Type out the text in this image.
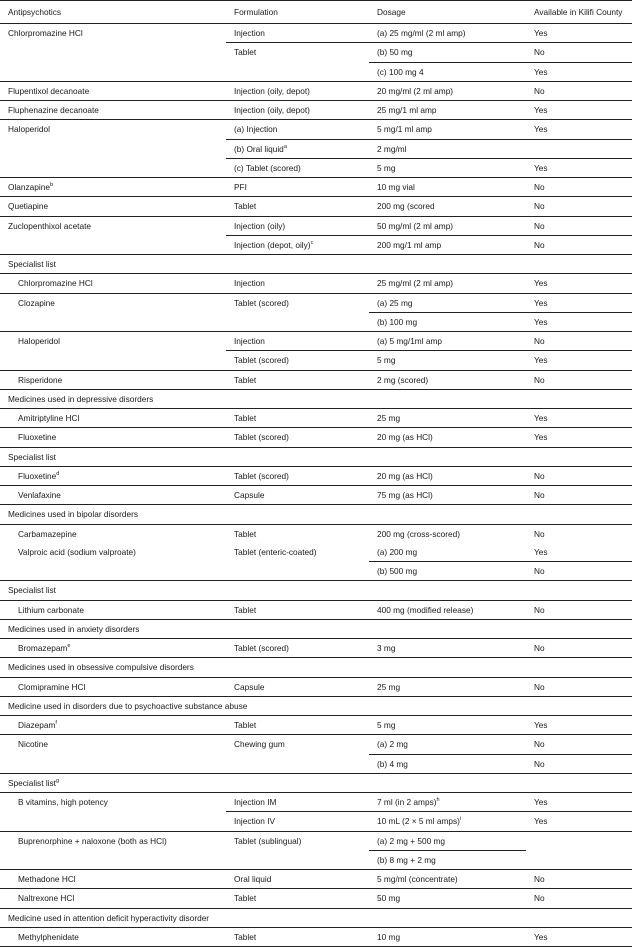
Antipsychotics	Formulation	Dosage	Available in Kilifi County
Chlorpromazine HCl	Injection	(a) 25 mg/ml (2 ml amp)	Yes
	Tablet	(b) 50 mg	No
		(c) 100 mg 4	Yes
Flupentixol decanoate	Injection (oily, depot)	20 mg/ml (2 ml amp)	No
Fluphenazine decanoate	Injection (oily, depot)	25 mg/1 ml amp	Yes
Haloperidol	(a) Injection	5 mg/1 ml amp	Yes
	(b) Oral liquid$^a$	2 mg/ml	
	(c) Tablet (scored)	5 mg	Yes
Olanzapine$^b$	PFI	10 mg vial	No
Quetiapine	Tablet	200 mg (scored	No
Zuclopenthixol acetate	Injection (oily)	50 mg/ml (2 ml amp)	No
	Injection (depot, oily)$^c$	200 mg/1 ml amp	No
Specialist list			
Chlorpromazine HCl	Injection	25 mg/ml (2 ml amp)	Yes
Clozapine	Tablet (scored)	(a) 25 mg	Yes
		(b) 100 mg	Yes
Haloperidol	Injection	(a) 5 mg/1ml amp	No
	Tablet (scored)	5 mg	Yes
Risperidone	Tablet	2 mg (scored)	No
Medicines used in depressive disorders			
Amitriptyline HCl	Tablet	25 mg	Yes
Fluoxetine	Tablet (scored)	20 mg (as HCl)	Yes
Specialist list			
Fluoxetine$^d$	Tablet (scored)	20 mg (as HCl)	No
Venlafaxine	Capsule	75 mg (as HCl)	No
Medicines used in bipolar disorders			
Carbamazepine	Tablet	200 mg (cross-scored)	No
Valproic acid (sodium valproate)	Tablet (enteric-coated)	(a) 200 mg	Yes
		(b) 500 mg	No
Specialist list			
Lithium carbonate	Tablet	400 mg (modified release)	No
Medicines used in anxiety disorders			
Bromazepam$^e$	Tablet (scored)	3 mg	No
Medicines used in obsessive compulsive disorders			
Clomipramine HCl	Capsule	25 mg	No
Medicine used in disorders due to psychoactive substance abuse			
Diazepam$^f$	Tablet	5 mg	Yes
Nicotine	Chewing gum	(a) 2 mg	No
		(b) 4 mg	No
Specialist list$^g$
B vitamins, high potency	Injection IM	7 ml (in 2 amps)$^h$	Yes
	Injection IV	10 mL (2 × 5 ml amps)$^i$	Yes
Buprenorphine + naloxone (both as HCl)	Tablet (sublingual)	(a) 2 mg + 500 mg	
		(b) 8 mg + 2 mg	
Methadone HCl	Oral liquid	5 mg/ml (concentrate)	No
Naltrexone HCl	Tablet	50 mg	No
Medicine used in attention deficit hyperactivity disorder			
Methylphenidate	Tablet	10 mg	Yes
